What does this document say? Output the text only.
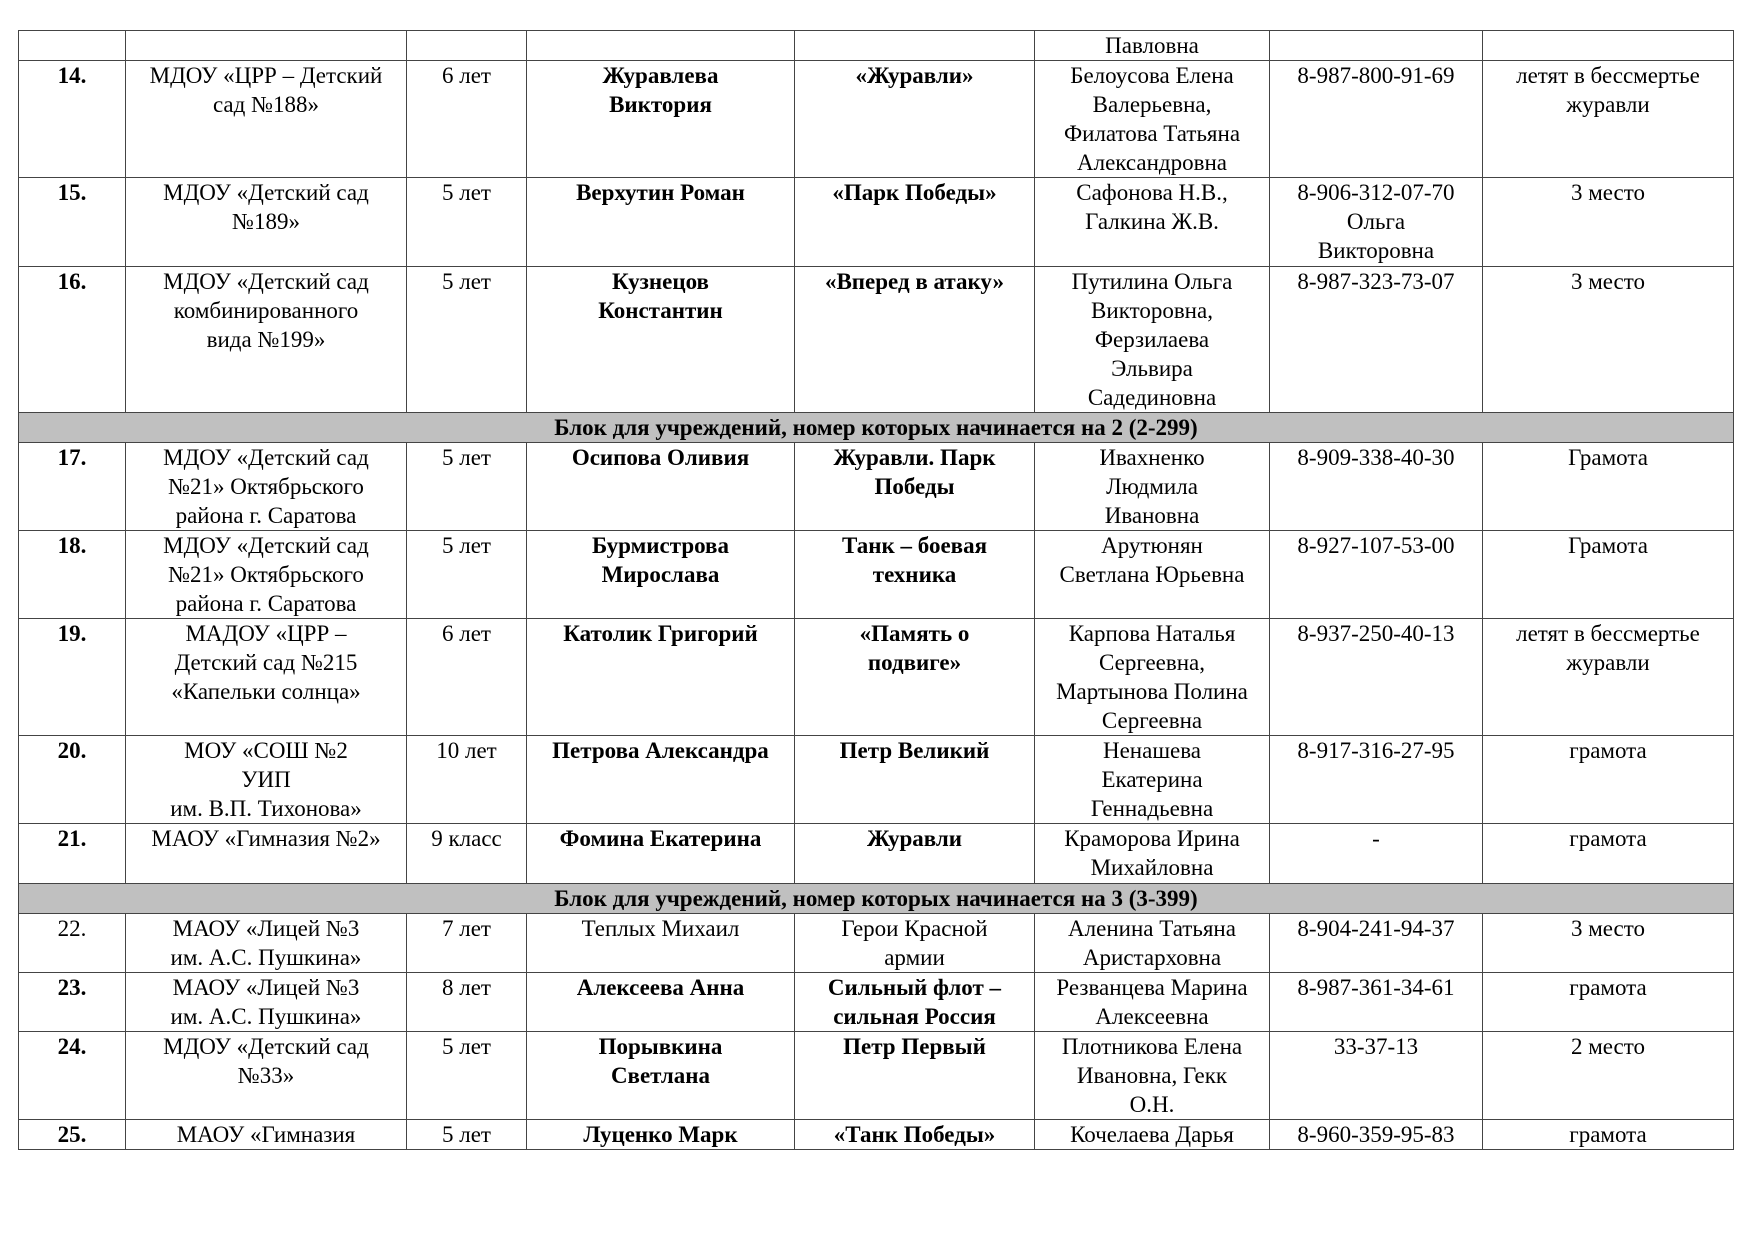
					Павловна		
14.	МДОУ «ЦРР – Детский
сад №188»	6 лет	Журавлева
Виктория	«Журавли»	Белоусова Елена
Валерьевна,
Филатова Татьяна
Александровна	8-987-800-91-69	летят в бессмертье
журавли
15.	МДОУ «Детский сад
№189»	5 лет	Верхутин Роман	«Парк Победы»	Сафонова Н.В.,
Галкина Ж.В.	8-906-312-07-70
Ольга
Викторовна	3 место
16.	МДОУ «Детский сад
комбинированного
вида №199»	5 лет	Кузнецов
Константин	«Вперед в атаку»	Путилина Ольга
Викторовна,
Ферзилаева
Эльвира
Садединовна	8-987-323-73-07	3 место
Блок для учреждений, номер которых начинается на 2 (2-299)							
17.	МДОУ «Детский сад
№21» Октябрьского
района г. Саратова	5 лет	Осипова Оливия	Журавли. Парк
Победы	Ивахненко
Людмила
Ивановна	8-909-338-40-30	Грамота
18.	МДОУ «Детский сад
№21» Октябрьского
района г. Саратова	5 лет	Бурмистрова
Мирослава	Танк – боевая
техника	Арутюнян
Светлана Юрьевна	8-927-107-53-00	Грамота
19.	МАДОУ «ЦРР –
Детский сад №215
«Капельки солнца»	6 лет	Католик Григорий	«Память о
подвиге»	Карпова Наталья
Сергеевна,
Мартынова Полина
Сергеевна	8-937-250-40-13	летят в бессмертье
журавли
20.	МОУ «СОШ №2
УИП
им. В.П. Тихонова»	10 лет	Петрова Александра	Петр Великий	Ненашева
Екатерина
Геннадьевна	8-917-316-27-95	грамота
21.	МАОУ «Гимназия №2»	9 класс	Фомина Екатерина	Журавли	Краморова Ирина
Михайловна	-	грамота
Блок для учреждений, номер которых начинается на 3 (3-399)							
22.	МАОУ «Лицей №3
им. А.С. Пушкина»	7 лет	Теплых Михаил	Герои Красной
армии	Аленина Татьяна
Аристарховна	8-904-241-94-37	3 место
23.	МАОУ «Лицей №3
им. А.С. Пушкина»	8 лет	Алексеева Анна	Сильный флот –
сильная Россия	Резванцева Марина
Алексеевна	8-987-361-34-61	грамота
24.	МДОУ «Детский сад
№33»	5 лет	Порывкина
Светлана	Петр Первый	Плотникова Елена
Ивановна, Гекк
О.Н.	33-37-13	2 место
25.	МАОУ «Гимназия	5 лет	Луценко Марк	«Танк Победы»	Кочелаева Дарья	8-960-359-95-83	грамота
